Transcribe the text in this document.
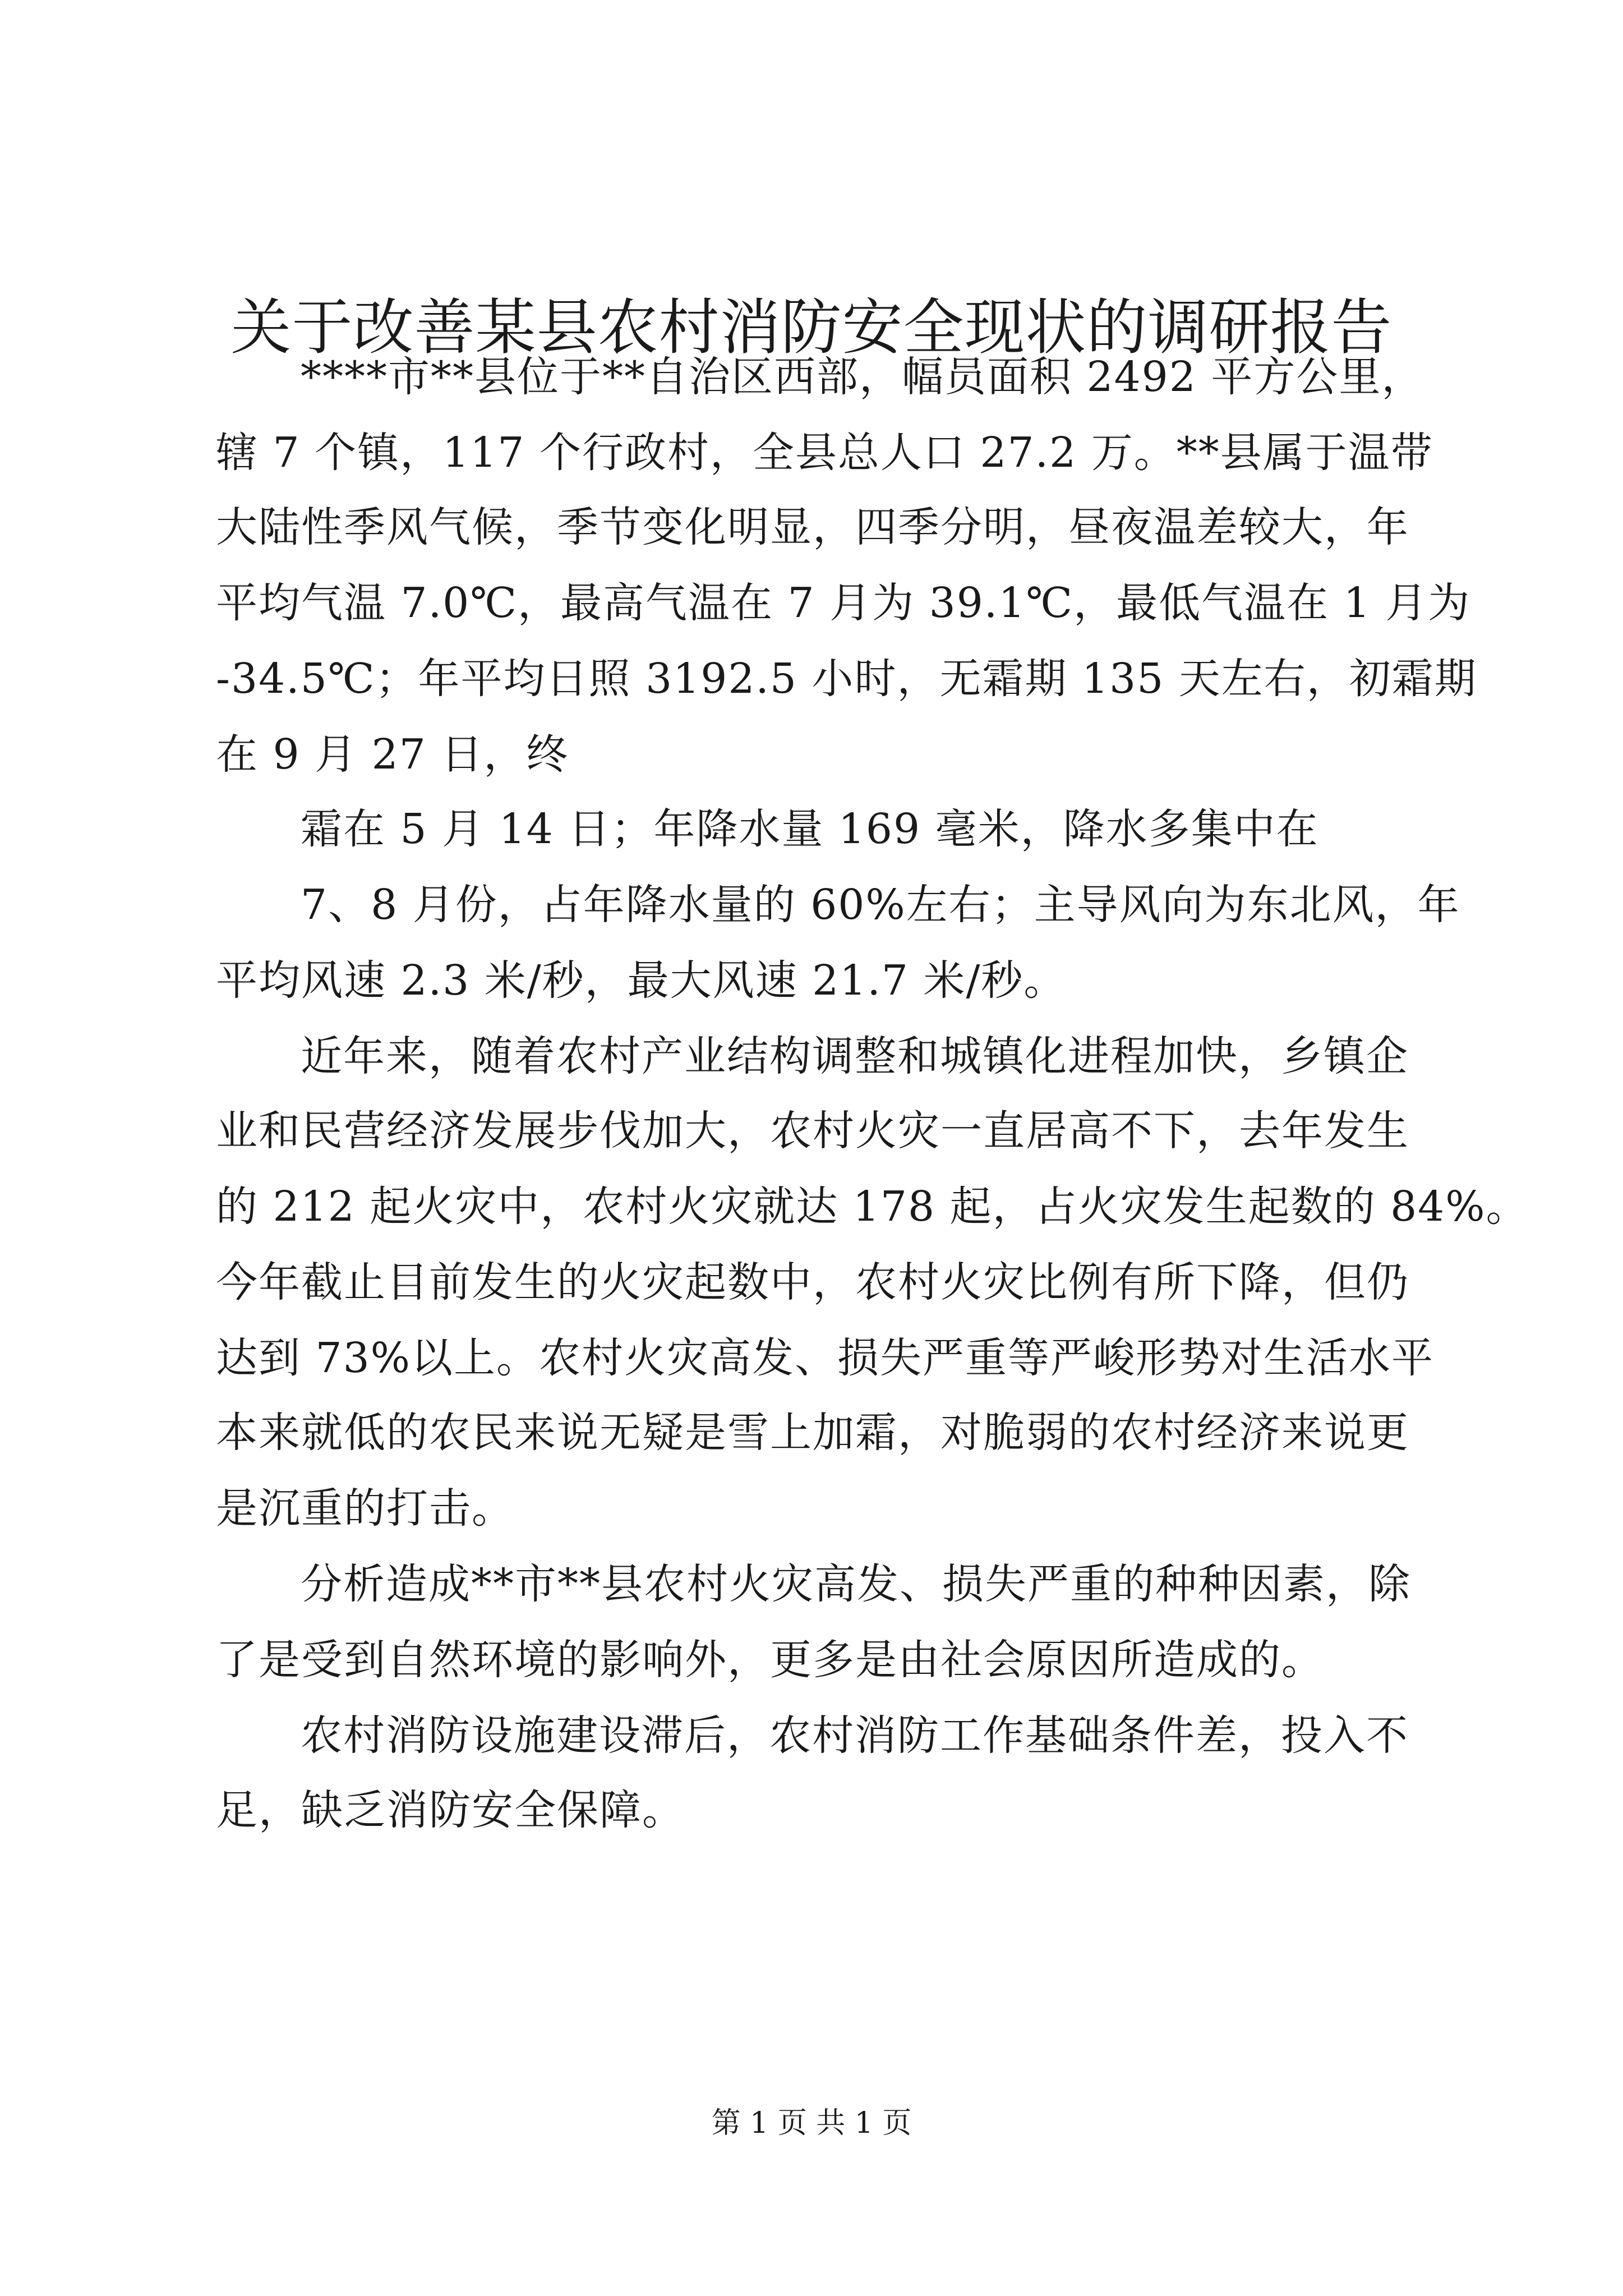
关于改善某县农村消防安全现状的调研报告

****市**县位于**自治区西部，幅员面积 2492 平方公里，

辖 7 个镇，117 个行政村，全县总人口 27.2 万。**县属于温带

大陆性季风气候，季节变化明显，四季分明，昼夜温差较大，年

平均气温 7.0℃，最高气温在 7 月为 39.1℃，最低气温在 1 月为

-34.5℃；年平均日照 3192.5 小时，无霜期 135 天左右，初霜期

在 9 月 27 日，终

霜在 5 月 14 日；年降水量 169 毫米，降水多集中在

7、8 月份，占年降水量的 60%左右；主导风向为东北风，年

平均风速 2.3 米/秒，最大风速 21.7 米/秒。

近年来，随着农村产业结构调整和城镇化进程加快，乡镇企

业和民营经济发展步伐加大，农村火灾一直居高不下，去年发生

的 212 起火灾中，农村火灾就达 178 起，占火灾发生起数的 84%。

今年截止目前发生的火灾起数中，农村火灾比例有所下降，但仍

达到 73%以上。农村火灾高发、损失严重等严峻形势对生活水平

本来就低的农民来说无疑是雪上加霜，对脆弱的农村经济来说更

是沉重的打击。

分析造成**市**县农村火灾高发、损失严重的种种因素，除

了是受到自然环境的影响外，更多是由社会原因所造成的。

农村消防设施建设滞后，农村消防工作基础条件差，投入不

足，缺乏消防安全保障。

第 1 页 共 1 页
